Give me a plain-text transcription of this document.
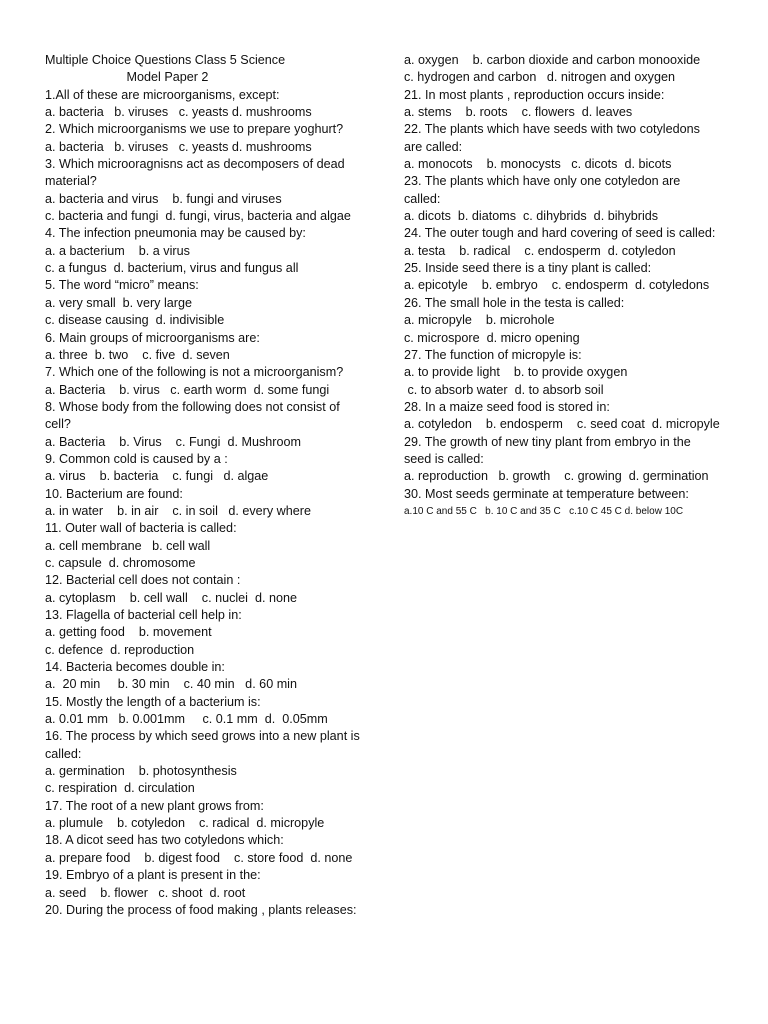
Multiple Choice Questions Class 5 Science
Model Paper 2
1.All of these are microorganisms, except:
a. bacteria   b. viruses   c. yeasts d. mushrooms
2. Which microorganisms we use to prepare yoghurt?
a. bacteria   b. viruses   c. yeasts d. mushrooms
3. Which microoragnisns act as decomposers of dead
material?
a. bacteria and virus    b. fungi and viruses
c. bacteria and fungi  d. fungi, virus, bacteria and algae
4. The infection pneumonia may be caused by:
a. a bacterium    b. a virus
c. a fungus  d. bacterium, virus and fungus all
5. The word “micro” means:
a. very small  b. very large
c. disease causing  d. indivisible
6. Main groups of microorganisms are:
a. three  b. two    c. five  d. seven
7. Which one of the following is not a microorganism?
a. Bacteria    b. virus   c. earth worm  d. some fungi
8. Whose body from the following does not consist of
cell?
a. Bacteria    b. Virus    c. Fungi  d. Mushroom
9. Common cold is caused by a :
a. virus    b. bacteria    c. fungi   d. algae
10. Bacterium are found:
a. in water    b. in air    c. in soil   d. every where
11. Outer wall of bacteria is called:
a. cell membrane   b. cell wall
c. capsule  d. chromosome
12. Bacterial cell does not contain :
a. cytoplasm    b. cell wall    c. nuclei  d. none
13. Flagella of bacterial cell help in:
a. getting food    b. movement
c. defence  d. reproduction
14. Bacteria becomes double in:
a.  20 min     b. 30 min    c. 40 min   d. 60 min
15. Mostly the length of a bacterium is:
a. 0.01 mm   b. 0.001mm     c. 0.1 mm  d.  0.05mm
16. The process by which seed grows into a new plant is
called:
a. germination    b. photosynthesis
c. respiration  d. circulation
17. The root of a new plant grows from:
a. plumule    b. cotyledon    c. radical  d. micropyle
18. A dicot seed has two cotyledons which:
a. prepare food    b. digest food    c. store food  d. none
19. Embryo of a plant is present in the:
a. seed    b. flower   c. shoot  d. root
20. During the process of food making , plants releases:
a. oxygen    b. carbon dioxide and carbon monooxide
c. hydrogen and carbon   d. nitrogen and oxygen
21. In most plants , reproduction occurs inside:
a. stems    b. roots    c. flowers  d. leaves
22. The plants which have seeds with two cotyledons
are called:
a. monocots    b. monocysts   c. dicots  d. bicots
23. The plants which have only one cotyledon are
called:
a. dicots  b. diatoms  c. dihybrids  d. bihybrids
24. The outer tough and hard covering of seed is called:
a. testa    b. radical    c. endosperm  d. cotyledon
25. Inside seed there is a tiny plant is called:
a. epicotyle    b. embryo    c. endosperm  d. cotyledons
26. The small hole in the testa is called:
a. micropyle    b. microhole
c. microspore  d. micro opening
27. The function of micropyle is:
a. to provide light    b. to provide oxygen
c. to absorb water  d. to absorb soil
28. In a maize seed food is stored in:
a. cotyledon    b. endosperm    c. seed coat  d. micropyle
29. The growth of new tiny plant from embryo in the
seed is called:
a. reproduction   b. growth    c. growing  d. germination
30. Most seeds germinate at temperature between:
a.10 C and 55 C   b. 10 C and 35 C   c.10 C 45 C d. below 10C
